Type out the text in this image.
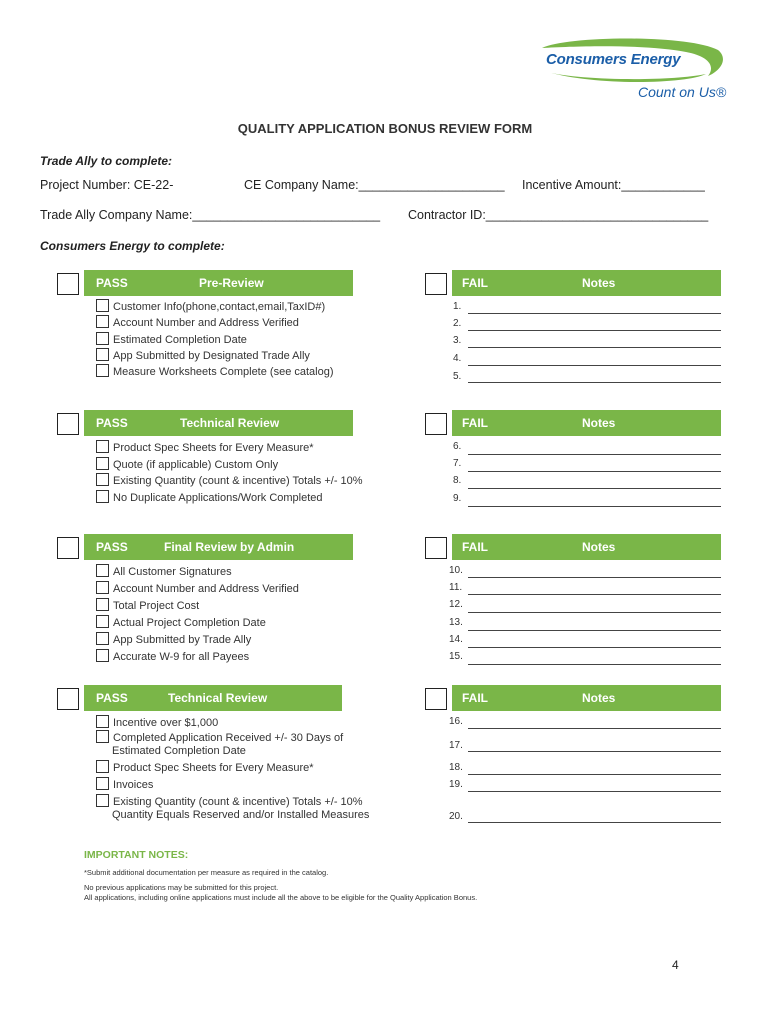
Consumers Energy
Count on Us®
QUALITY APPLICATION BONUS REVIEW FORM
Trade Ally to complete:
Project Number: CE-22-	CE Company Name:_____________________ Incentive Amount:____________
Trade Ally Company Name:___________________________ Contractor ID:________________________________
Consumers Energy to complete:
PASS	Pre-Review	FAIL	Notes
Customer Info(phone,contact,email,TaxID#)
Account Number and Address Verified
Estimated Completion Date
App Submitted by Designated Trade Ally
Measure Worksheets Complete (see catalog)
1.
2.
3.
4.
5.
PASS	Technical Review	FAIL	Notes
Product Spec Sheets for Every Measure*
Quote (if applicable) Custom Only
Existing Quantity (count & incentive) Totals +/- 10%
No Duplicate Applications/Work Completed
6.
7.
8.
9.
PASS	Final Review by Admin	FAIL	Notes
All Customer Signatures
Account Number and Address Verified
Total Project Cost
Actual Project Completion Date
App Submitted by Trade Ally
Accurate W-9 for all Payees
10.
11.
12.
13.
14.
15.
PASS	Technical Review	FAIL	Notes
Incentive over $1,000
Completed Application Received +/- 30 Days of
Estimated Completion Date
Product Spec Sheets for Every Measure*
Invoices
Existing Quantity (count & incentive) Totals +/- 10%
Quantity Equals Reserved and/or Installed Measures
16.
17.
18.
19.
20.
IMPORTANT NOTES:
*Submit additional documentation per measure as required in the catalog.
No previous applications may be submitted for this project.
All applications, including online applications must include all the above to be eligible for the Quality Application Bonus.
4
